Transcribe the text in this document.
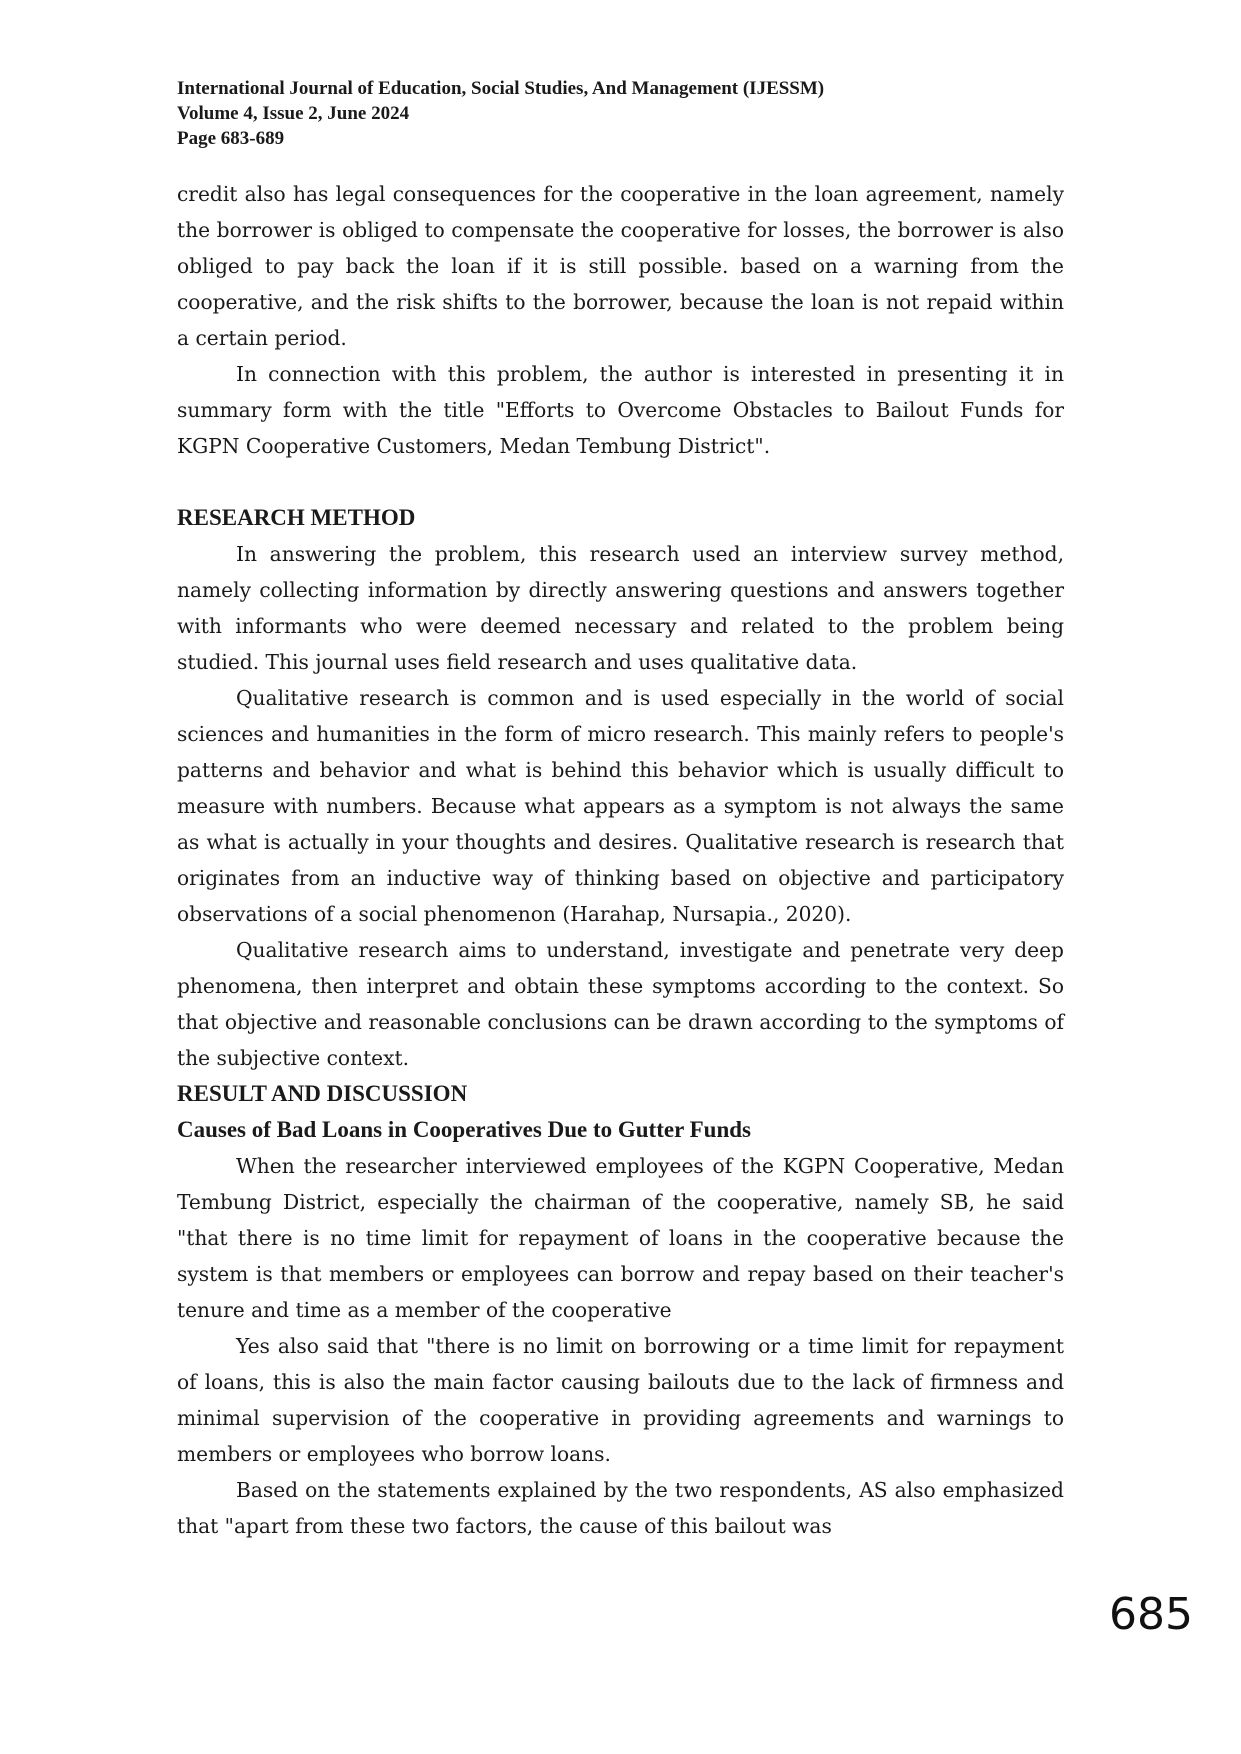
International Journal of Education, Social Studies, And Management (IJESSM)
Volume 4, Issue 2, June 2024
Page 683-689

credit also has legal consequences for the cooperative in the loan agreement, namely the borrower is obliged to compensate the cooperative for losses, the borrower is also obliged to pay back the loan if it is still possible. based on a warning from the cooperative, and the risk shifts to the borrower, because the loan is not repaid within a certain period.

In connection with this problem, the author is interested in presenting it in summary form with the title "Efforts to Overcome Obstacles to Bailout Funds for KGPN Cooperative Customers, Medan Tembung District".

RESEARCH METHOD

In answering the problem, this research used an interview survey method, namely collecting information by directly answering questions and answers together with informants who were deemed necessary and related to the problem being studied. This journal uses field research and uses qualitative data.

Qualitative research is common and is used especially in the world of social sciences and humanities in the form of micro research. This mainly refers to people's patterns and behavior and what is behind this behavior which is usually difficult to measure with numbers. Because what appears as a symptom is not always the same as what is actually in your thoughts and desires. Qualitative research is research that originates from an inductive way of thinking based on objective and participatory observations of a social phenomenon (Harahap, Nursapia., 2020).

Qualitative research aims to understand, investigate and penetrate very deep phenomena, then interpret and obtain these symptoms according to the context. So that objective and reasonable conclusions can be drawn according to the symptoms of the subjective context.

RESULT AND DISCUSSION
Causes of Bad Loans in Cooperatives Due to Gutter Funds

When the researcher interviewed employees of the KGPN Cooperative, Medan Tembung District, especially the chairman of the cooperative, namely SB, he said "that there is no time limit for repayment of loans in the cooperative because the system is that members or employees can borrow and repay based on their teacher's tenure and time as a member of the cooperative

Yes also said that "there is no limit on borrowing or a time limit for repayment of loans, this is also the main factor causing bailouts due to the lack of firmness and minimal supervision of the cooperative in providing agreements and warnings to members or employees who borrow loans.

Based on the statements explained by the two respondents, AS also emphasized that "apart from these two factors, the cause of this bailout was

685
